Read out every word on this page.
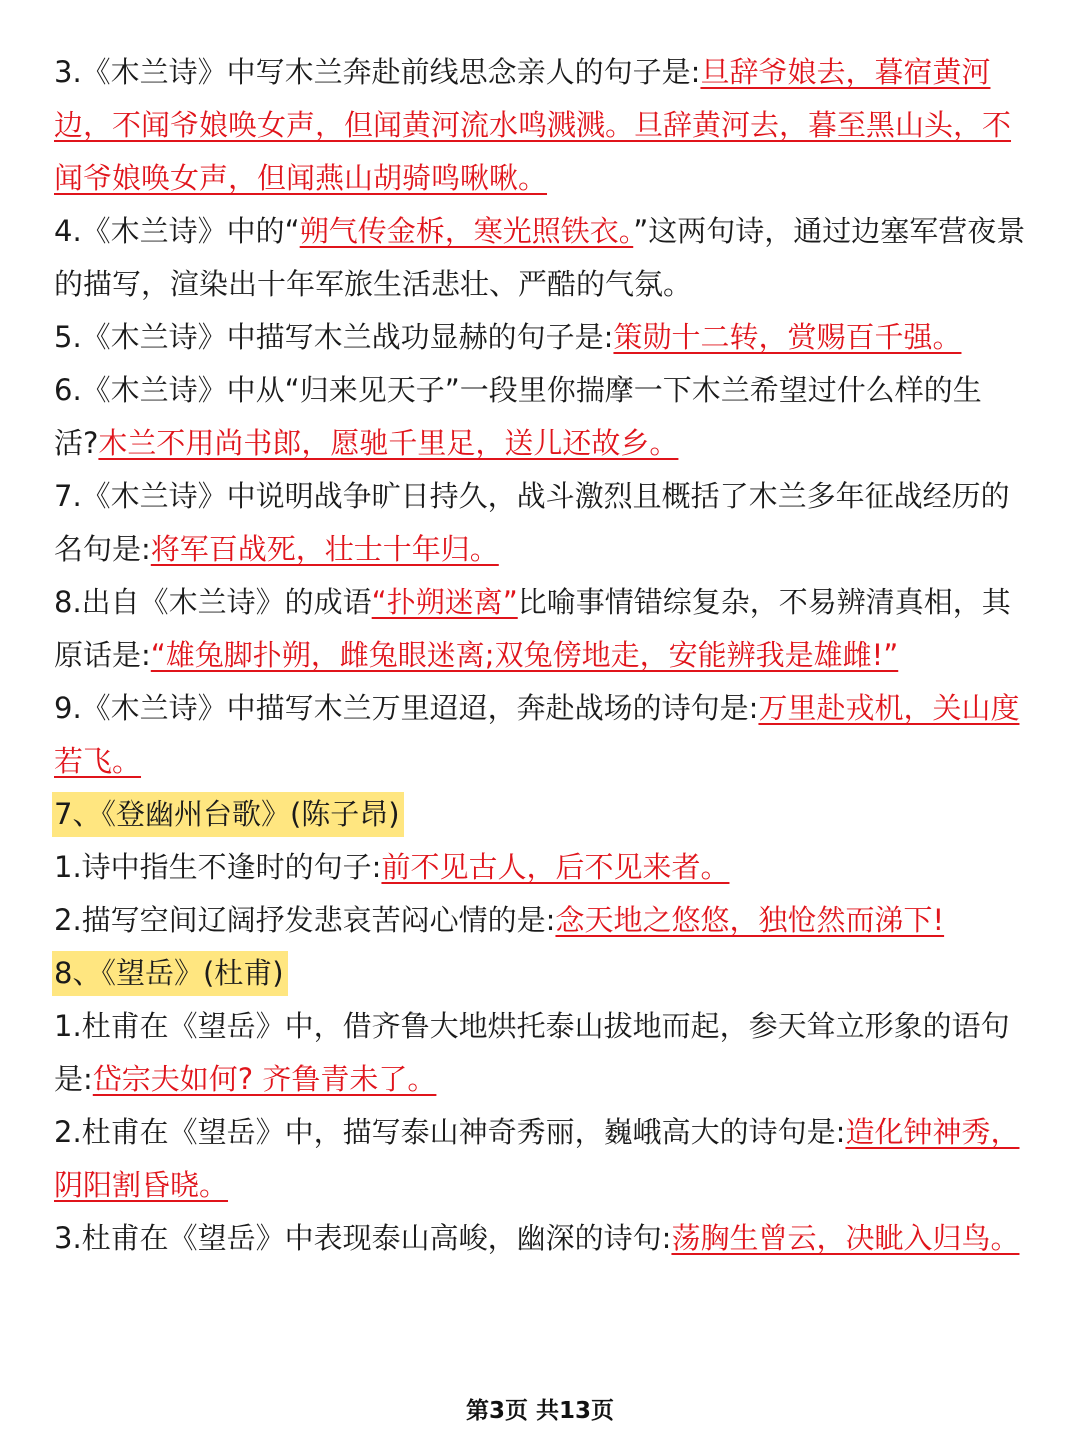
3.《木兰诗》中写木兰奔赴前线思念亲人的句子是:旦辞爷娘去，暮宿黄河边，不闻爷娘唤女声，但闻黄河流水鸣溅溅。旦辞黄河去，暮至黑山头，不闻爷娘唤女声，但闻燕山胡骑鸣啾啾。

4.《木兰诗》中的“朔气传金柝，寒光照铁衣。”这两句诗，通过边塞军营夜景的描写，渲染出十年军旅生活悲壮、严酷的气氛。

5.《木兰诗》中描写木兰战功显赫的句子是:策勋十二转，赏赐百千强。

6.《木兰诗》中从“归来见天子”一段里你揣摩一下木兰希望过什么样的生活?木兰不用尚书郎，愿驰千里足，送儿还故乡。

7.《木兰诗》中说明战争旷日持久，战斗激烈且概括了木兰多年征战经历的名句是:将军百战死，壮士十年归。

8.出自《木兰诗》的成语“扑朔迷离”比喻事情错综复杂，不易辨清真相，其原话是:“雄兔脚扑朔，雌兔眼迷离;双兔傍地走，安能辨我是雄雌!”

9.《木兰诗》中描写木兰万里迢迢，奔赴战场的诗句是:万里赴戎机，关山度若飞。

7、《登幽州台歌》(陈子昂)

1.诗中指生不逢时的句子:前不见古人，后不见来者。

2.描写空间辽阔抒发悲哀苦闷心情的是:念天地之悠悠，独怆然而涕下!

8、《望岳》(杜甫)

1.杜甫在《望岳》中，借齐鲁大地烘托泰山拔地而起，参天耸立形象的语句是:岱宗夫如何? 齐鲁青未了。

2.杜甫在《望岳》中，描写泰山神奇秀丽，巍峨高大的诗句是:造化钟神秀，阴阳割昏晓。

3.杜甫在《望岳》中表现泰山高峻，幽深的诗句:荡胸生曾云，决眦入归鸟。

第3页 共13页
